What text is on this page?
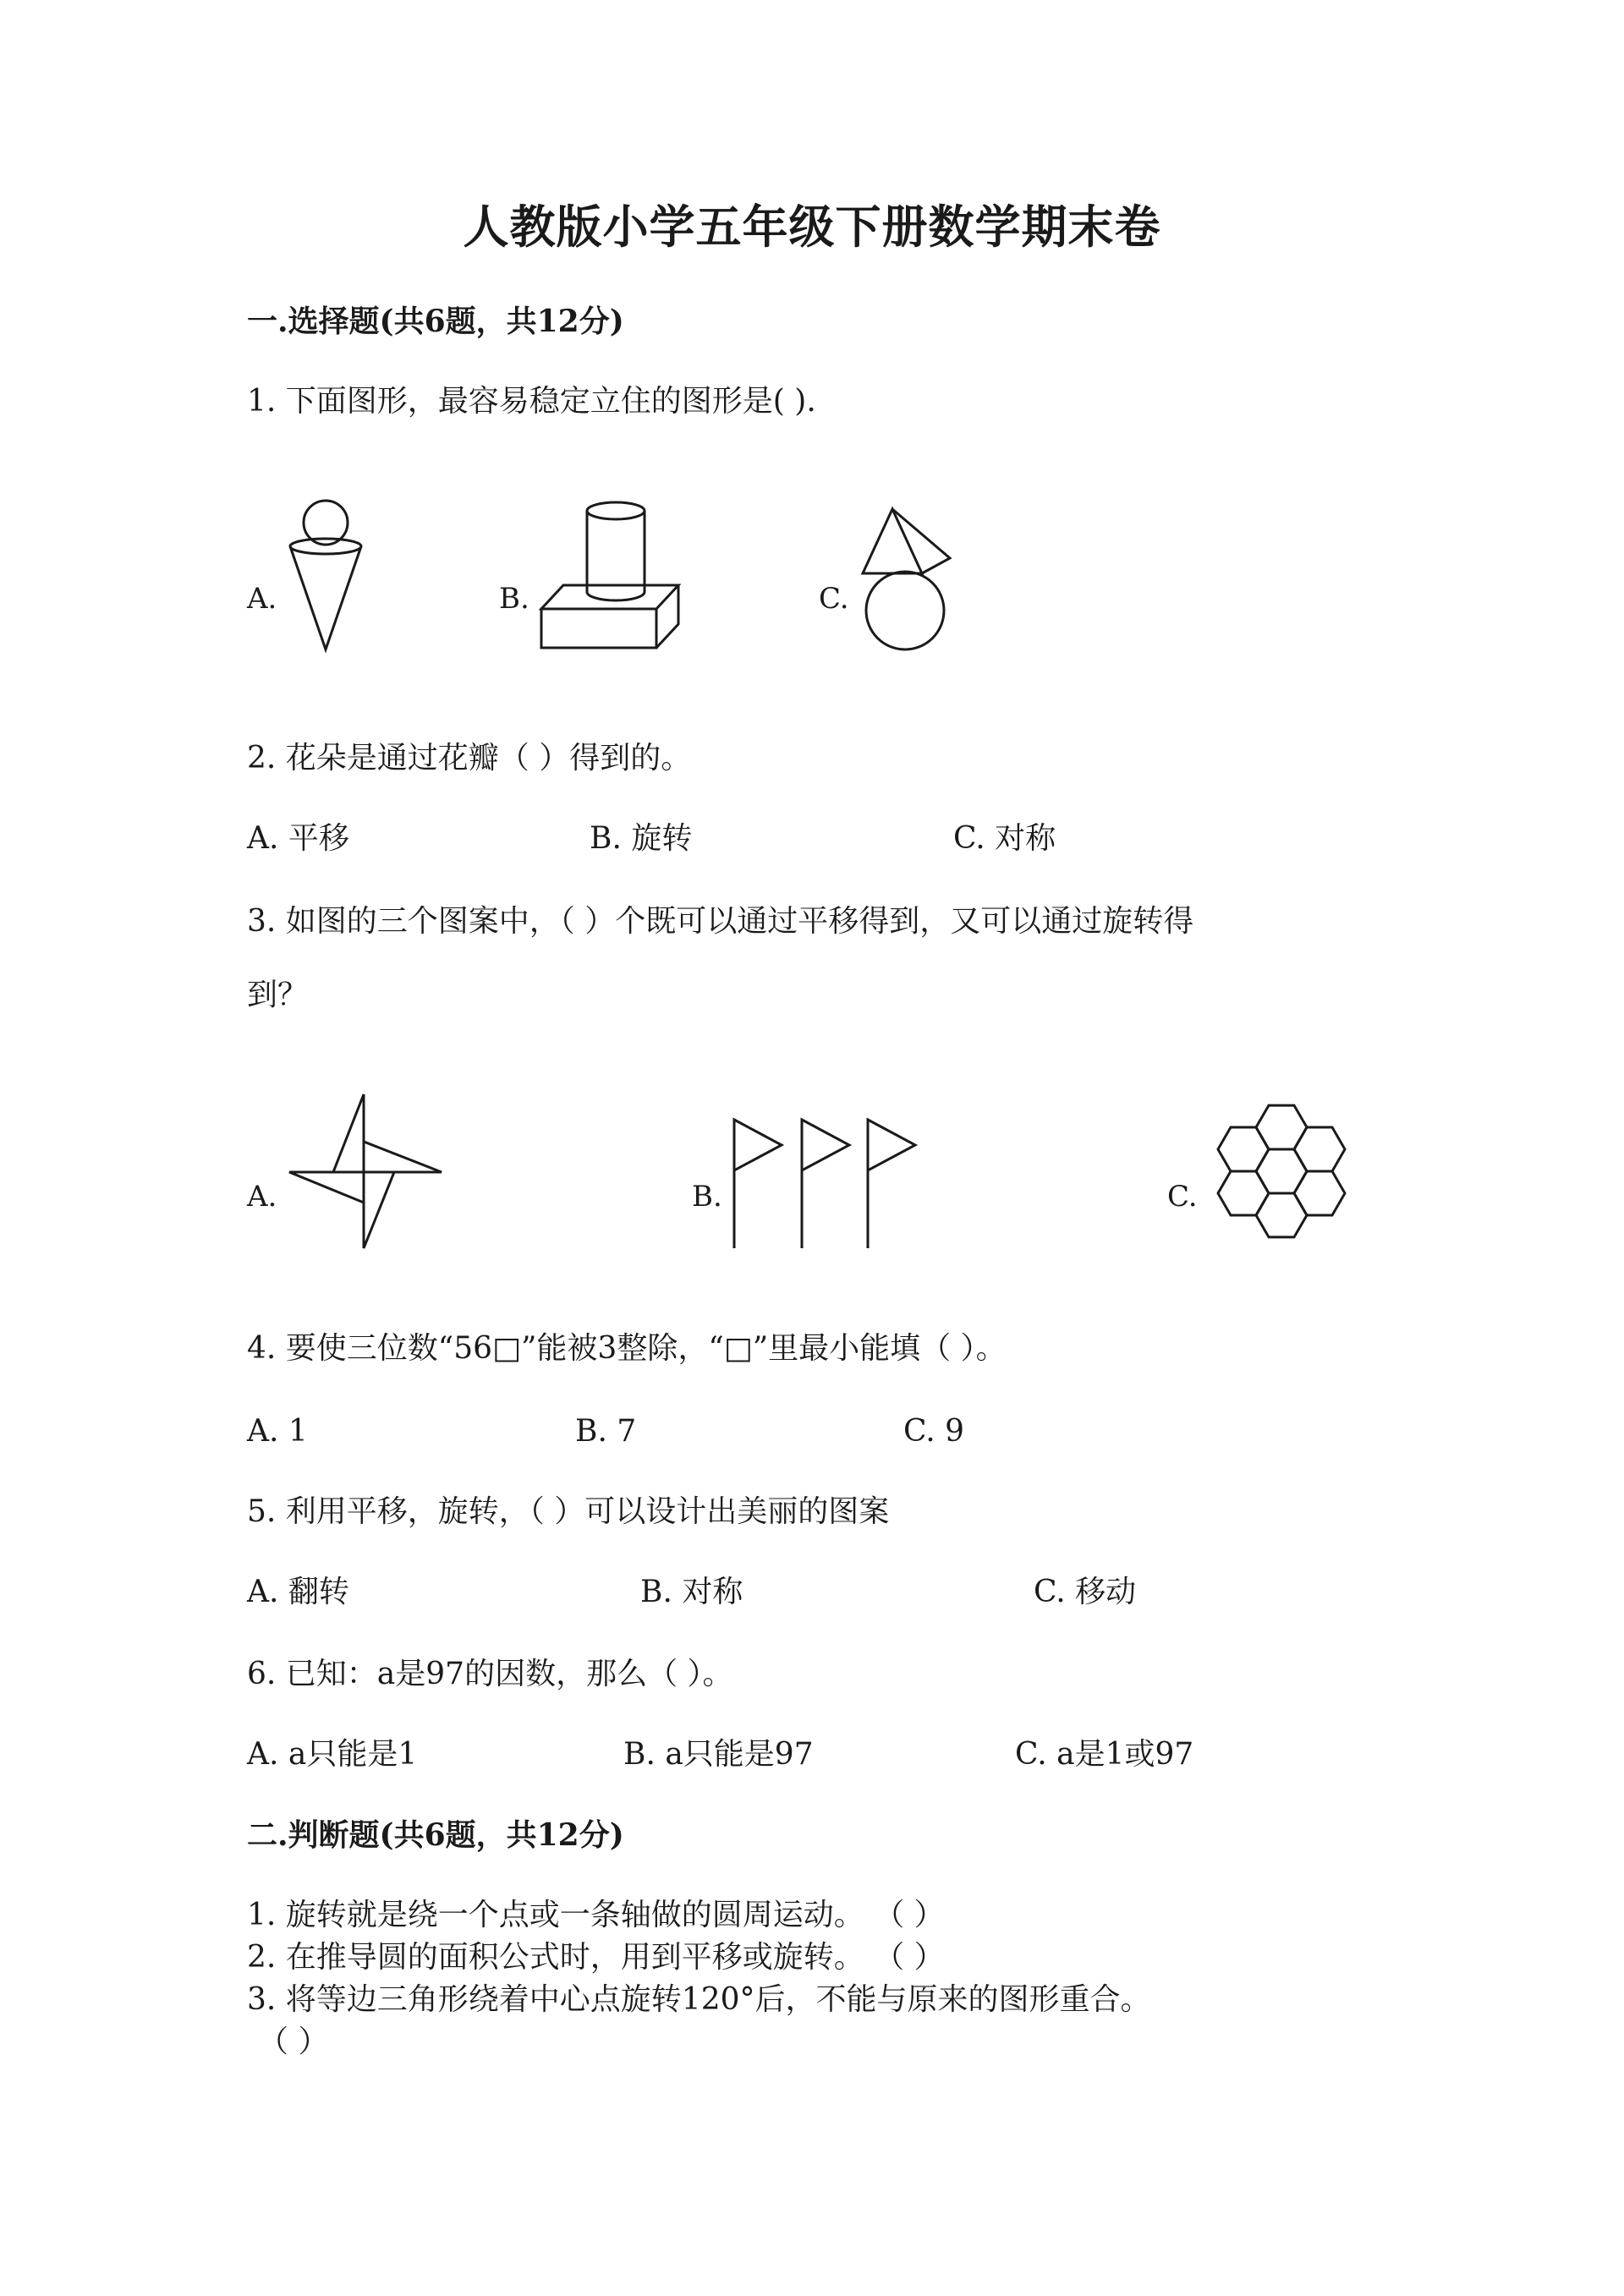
人教版小学五年级下册数学期末卷
一.选择题(共6题，共12分)
1. 下面图形，最容易稳定立住的图形是( ).
A.	B.	C.
2. 花朵是通过花瓣（ ）得到的。
A. 平移	B. 旋转	C. 对称
3. 如图的三个图案中，（ ）个既可以通过平移得到，又可以通过旋转得
到？
A.	B.	C.
4. 要使三位数“56□”能被3整除，“□”里最小能填（ ）。
A. 1	B. 7	C. 9
5. 利用平移，旋转，（ ）可以设计出美丽的图案
A. 翻转	B. 对称	C. 移动
6. 已知：a是97的因数，那么（ ）。
A. a只能是1	B. a只能是97	C. a是1或97
二.判断题(共6题，共12分)
1. 旋转就是绕一个点或一条轴做的圆周运动。 （ ）
2. 在推导圆的面积公式时，用到平移或旋转。 （ ）
3. 将等边三角形绕着中心点旋转120°后，不能与原来的图形重合。
（ ）
